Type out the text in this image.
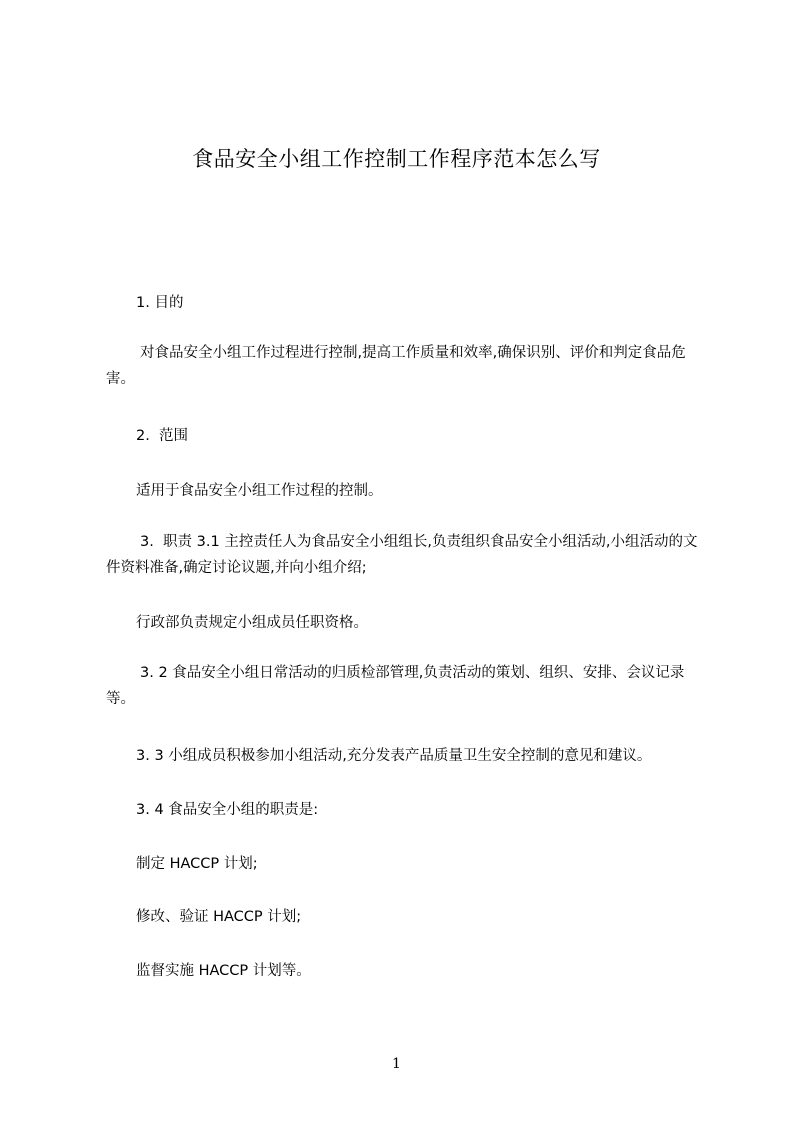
食品安全小组工作控制工作程序范本怎么写
1. 目的
对食品安全小组工作过程进行控制,提高工作质量和效率,确保识别、评价和判定食品危害。
2.  范围
适用于食品安全小组工作过程的控制。
3.  职责 3.1 主控责任人为食品安全小组组长,负责组织食品安全小组活动,小组活动的文件资料准备,确定讨论议题,并向小组介绍;
行政部负责规定小组成员任职资格。
3. 2 食品安全小组日常活动的归质检部管理,负责活动的策划、组织、安排、会议记录等。
3. 3 小组成员积极参加小组活动,充分发表产品质量卫生安全控制的意见和建议。
3. 4 食品安全小组的职责是:
制定 HACCP 计划;
修改、验证 HACCP 计划;
监督实施 HACCP 计划等。
1
